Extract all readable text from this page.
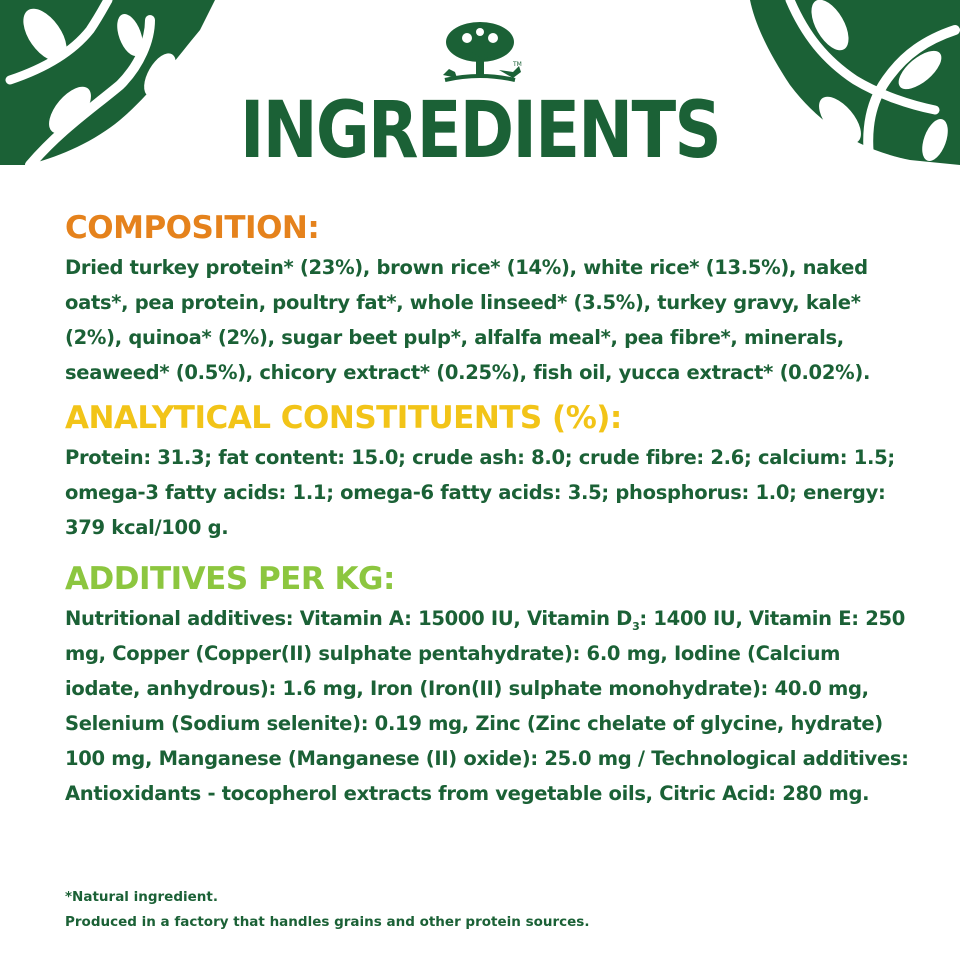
TM
INGREDIENTS
COMPOSITION:

Dried turkey protein* (23%), brown rice* (14%), white rice* (13.5%), naked oats*, pea protein, poultry fat*, whole linseed* (3.5%), turkey gravy, kale* (2%), quinoa* (2%), sugar beet pulp*, alfalfa meal*, pea fibre*, minerals, seaweed* (0.5%), chicory extract* (0.25%), fish oil, yucca extract* (0.02%).

ANALYTICAL CONSTITUENTS (%):

Protein: 31.3; fat content: 15.0; crude ash: 8.0; crude fibre: 2.6; calcium: 1.5; omega-3 fatty acids: 1.1; omega-6 fatty acids: 3.5; phosphorus: 1.0; energy: 379 kcal/100 g.

ADDITIVES PER KG:

Nutritional additives: Vitamin A: 15000 IU, Vitamin $D_3$: 1400 IU, Vitamin E: 250 mg, Copper (Copper(II) sulphate pentahydrate): 6.0 mg, Iodine (Calcium iodate, anhydrous): 1.6 mg, Iron (Iron(II) sulphate monohydrate): 40.0 mg, Selenium (Sodium selenite): 0.19 mg, Zinc (Zinc chelate of glycine, hydrate) 100 mg, Manganese (Manganese (II) oxide): 25.0 mg / Technological additives: Antioxidants - tocopherol extracts from vegetable oils, Citric Acid: 280 mg.

*Natural ingredient.
Produced in a factory that handles grains and other protein sources.
